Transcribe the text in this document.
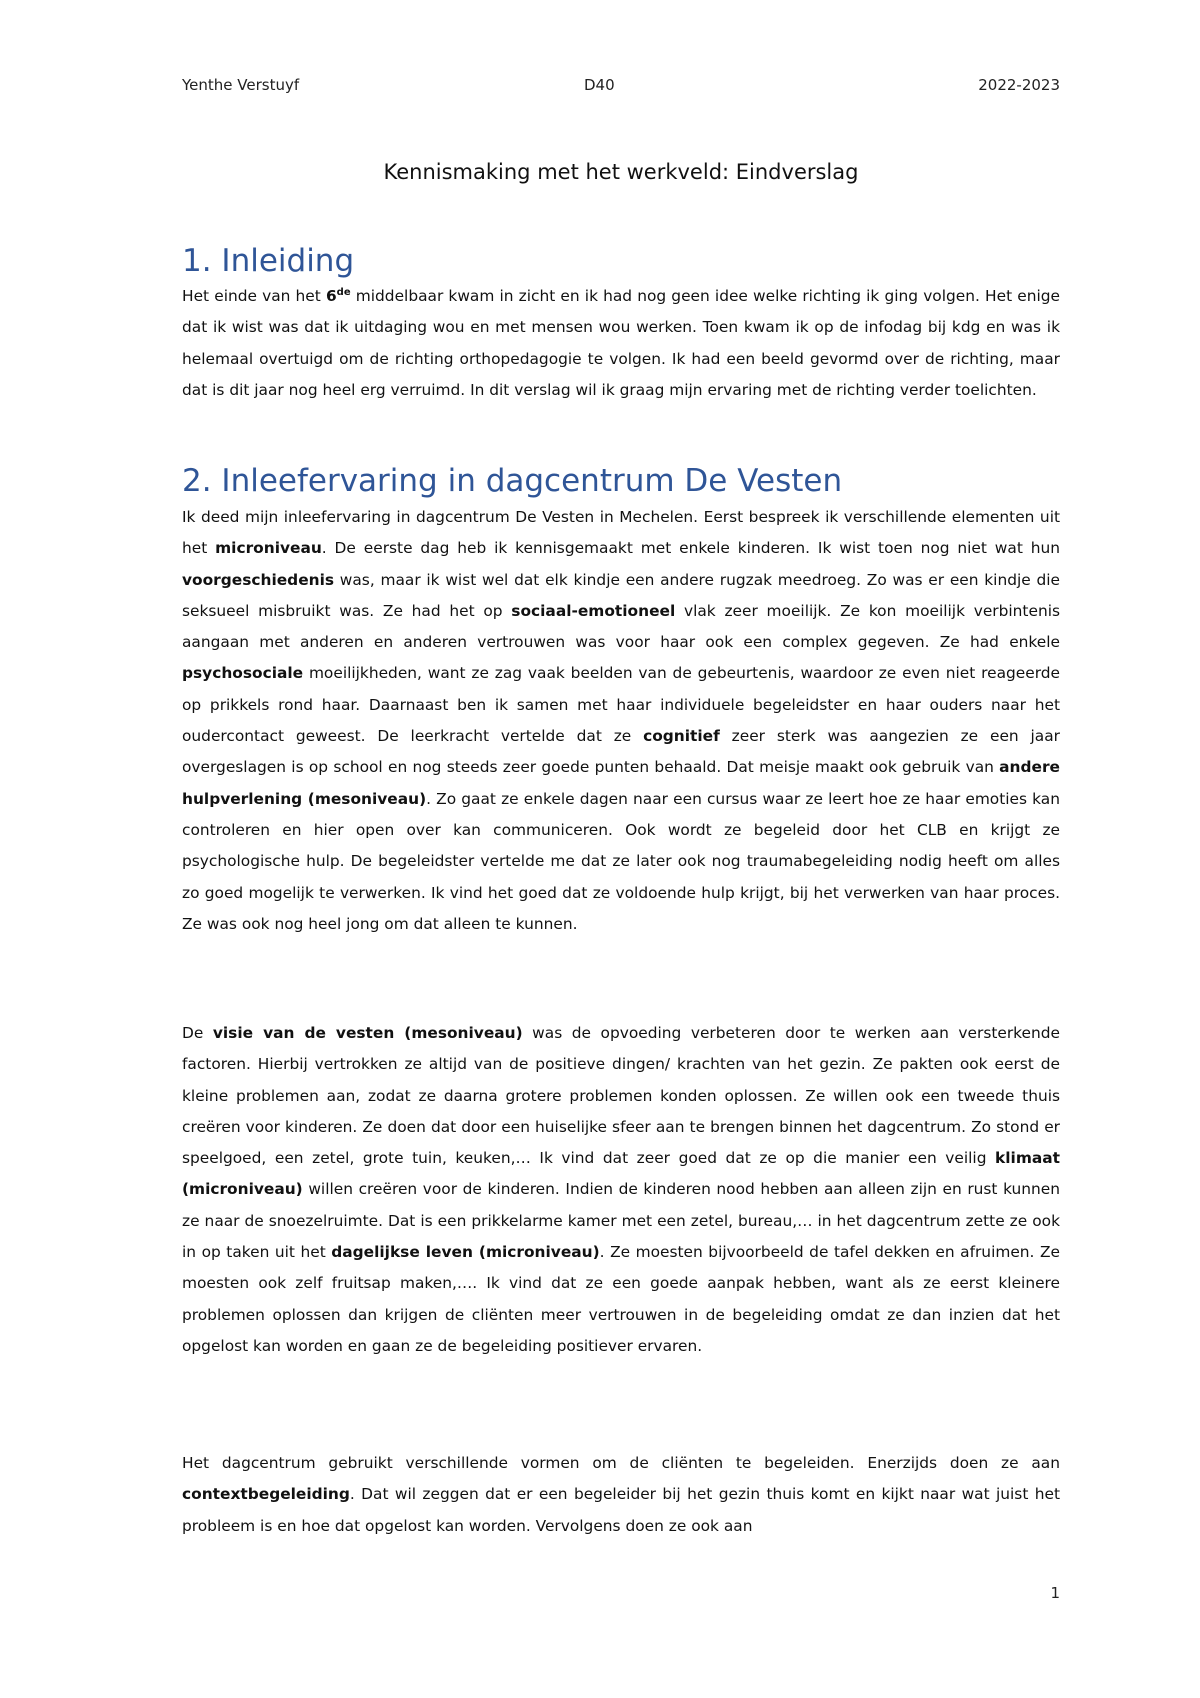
Yenthe Verstuyf	D40	2022-2023
Kennismaking met het werkveld: Eindverslag
1. Inleiding

Het einde van het 6de middelbaar kwam in zicht en ik had nog geen idee welke richting ik ging volgen. Het enige dat ik wist was dat ik uitdaging wou en met mensen wou werken. Toen kwam ik op de infodag bij kdg en was ik helemaal overtuigd om de richting orthopedagogie te volgen. Ik had een beeld gevormd over de richting, maar dat is dit jaar nog heel erg verruimd. In dit verslag wil ik graag mijn ervaring met de richting verder toelichten.

2. Inleefervaring in dagcentrum De Vesten

Ik deed mijn inleefervaring in dagcentrum De Vesten in Mechelen. Eerst bespreek ik verschillende elementen uit het microniveau. De eerste dag heb ik kennisgemaakt met enkele kinderen. Ik wist toen nog niet wat hun voorgeschiedenis was, maar ik wist wel dat elk kindje een andere rugzak meedroeg. Zo was er een kindje die seksueel misbruikt was. Ze had het op sociaal-emotioneel vlak zeer moeilijk. Ze kon moeilijk verbintenis aangaan met anderen en anderen vertrouwen was voor haar ook een complex gegeven. Ze had enkele psychosociale moeilijkheden, want ze zag vaak beelden van de gebeurtenis, waardoor ze even niet reageerde op prikkels rond haar. Daarnaast ben ik samen met haar individuele begeleidster en haar ouders naar het oudercontact geweest. De leerkracht vertelde dat ze cognitief zeer sterk was aangezien ze een jaar overgeslagen is op school en nog steeds zeer goede punten behaald. Dat meisje maakt ook gebruik van andere hulpverlening (mesoniveau). Zo gaat ze enkele dagen naar een cursus waar ze leert hoe ze haar emoties kan controleren en hier open over kan communiceren. Ook wordt ze begeleid door het CLB en krijgt ze psychologische hulp. De begeleidster vertelde me dat ze later ook nog traumabegeleiding nodig heeft om alles zo goed mogelijk te verwerken. Ik vind het goed dat ze voldoende hulp krijgt, bij het verwerken van haar proces. Ze was ook nog heel jong om dat alleen te kunnen.

De visie van de vesten (mesoniveau) was de opvoeding verbeteren door te werken aan versterkende factoren. Hierbij vertrokken ze altijd van de positieve dingen/ krachten van het gezin. Ze pakten ook eerst de kleine problemen aan, zodat ze daarna grotere problemen konden oplossen. Ze willen ook een tweede thuis creëren voor kinderen. Ze doen dat door een huiselijke sfeer aan te brengen binnen het dagcentrum. Zo stond er speelgoed, een zetel, grote tuin, keuken,… Ik vind dat zeer goed dat ze op die manier een veilig klimaat (microniveau) willen creëren voor de kinderen. Indien de kinderen nood hebben aan alleen zijn en rust kunnen ze naar de snoezelruimte. Dat is een prikkelarme kamer met een zetel, bureau,… in het dagcentrum zette ze ook in op taken uit het dagelijkse leven (microniveau). Ze moesten bijvoorbeeld de tafel dekken en afruimen. Ze moesten ook zelf fruitsap maken,…. Ik vind dat ze een goede aanpak hebben, want als ze eerst kleinere problemen oplossen dan krijgen de cliënten meer vertrouwen in de begeleiding omdat ze dan inzien dat het opgelost kan worden en gaan ze de begeleiding positiever ervaren.

Het dagcentrum gebruikt verschillende vormen om de cliënten te begeleiden. Enerzijds doen ze aan contextbegeleiding. Dat wil zeggen dat er een begeleider bij het gezin thuis komt en kijkt naar wat juist het probleem is en hoe dat opgelost kan worden. Vervolgens doen ze ook aan

1
